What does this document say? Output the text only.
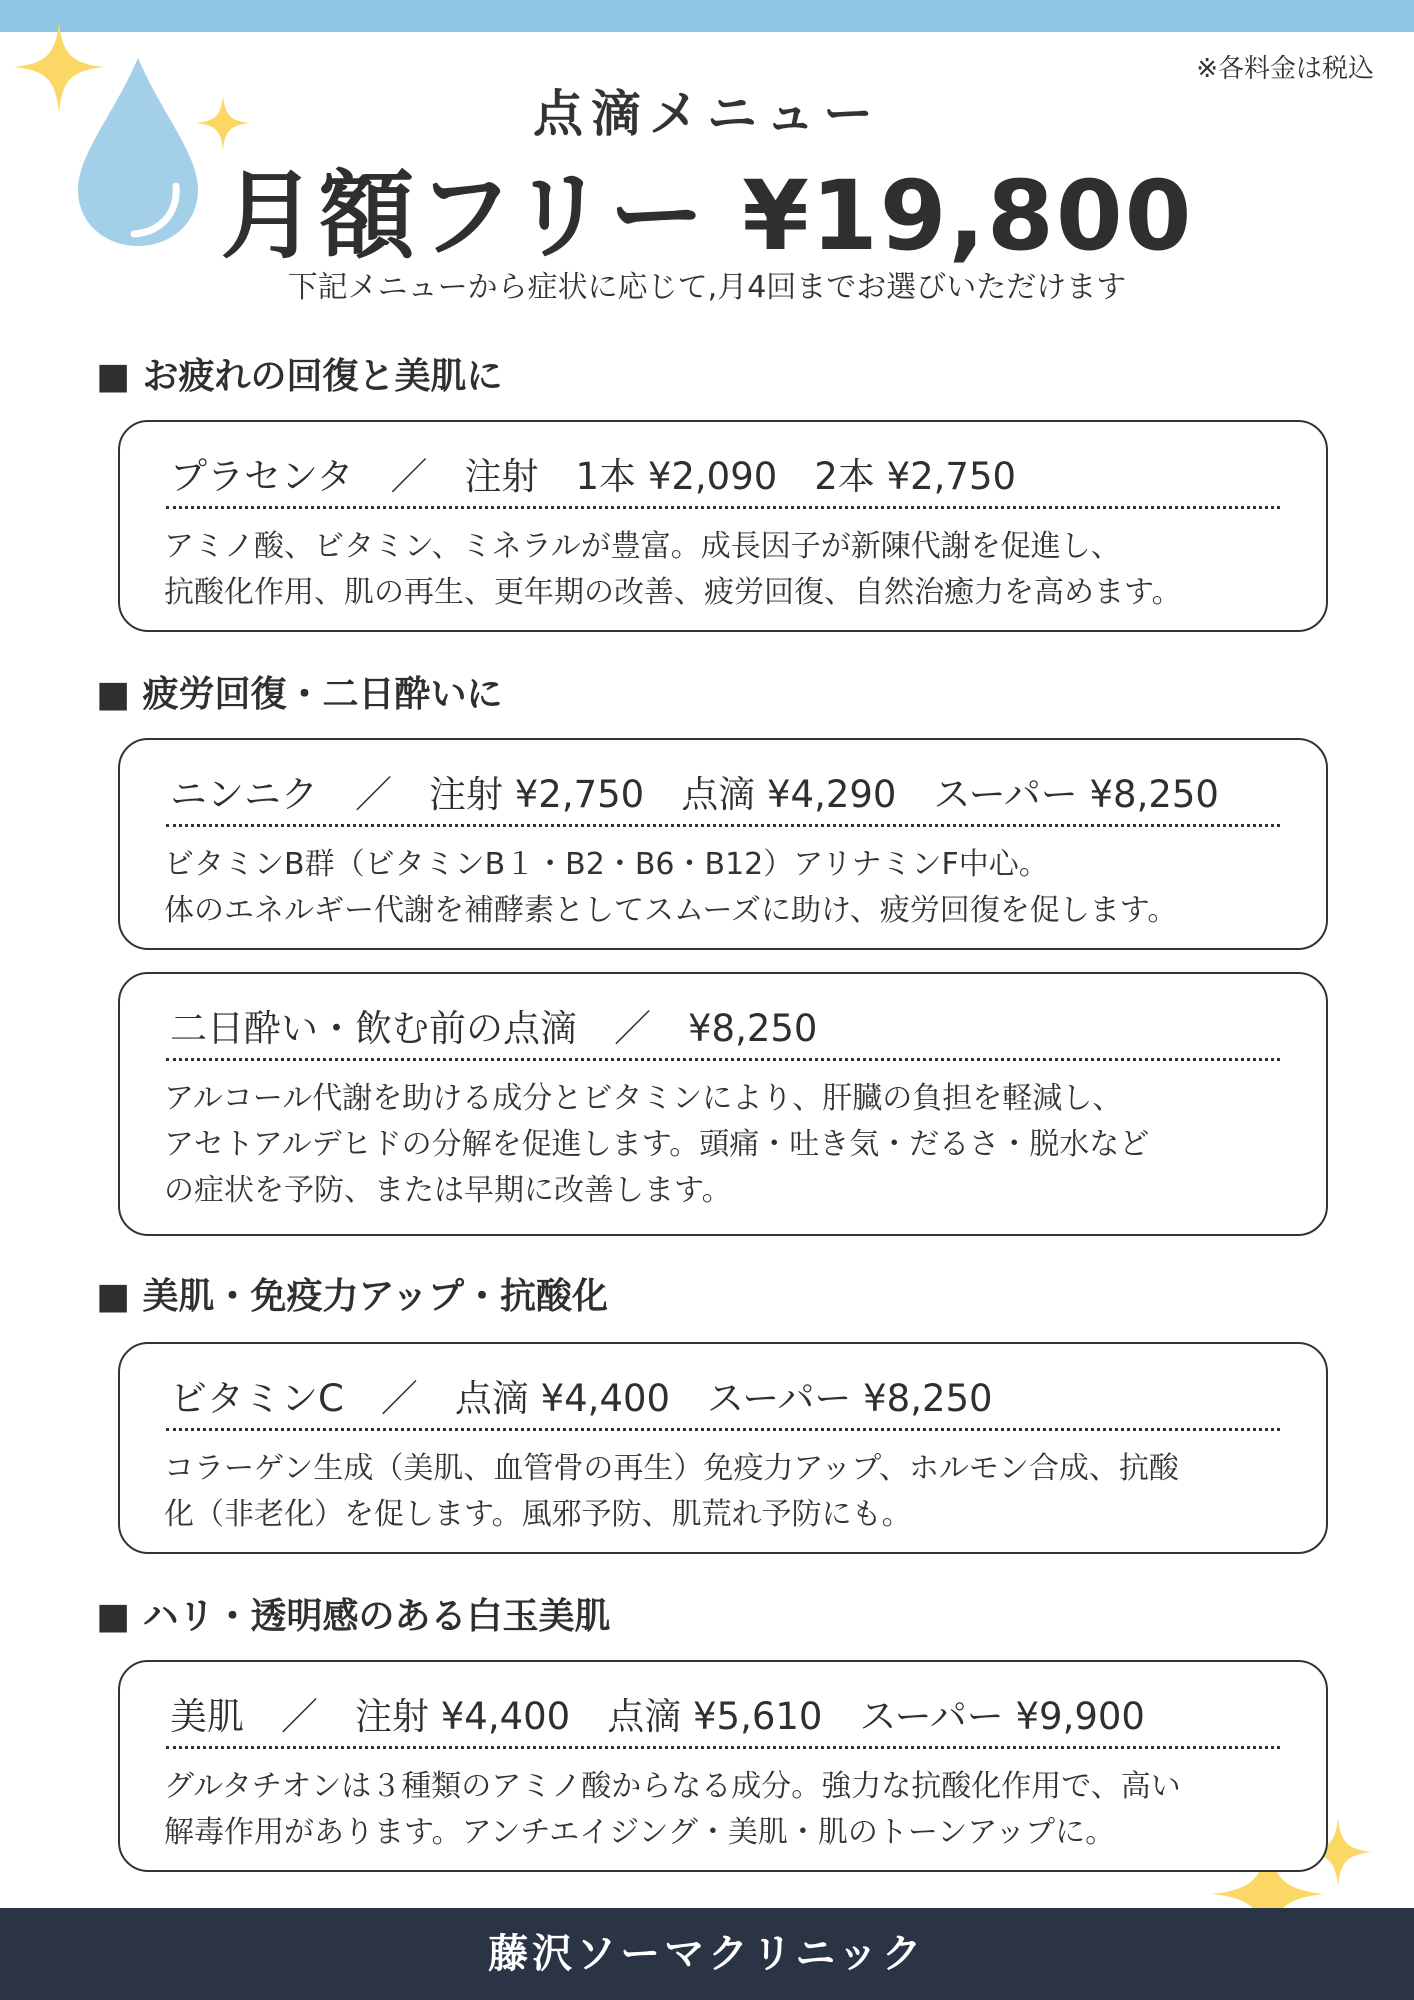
※各料金は税込
点滴メニュー
月額フリー ¥19,800
下記メニューから症状に応じて,月4回までお選びいただけます
■ お疲れの回復と美肌に
プラセンタ　／　注射　1本 ¥2,090　2本 ¥2,750
アミノ酸、ビタミン、ミネラルが豊富。成長因子が新陳代謝を促進し、
抗酸化作用、肌の再生、更年期の改善、疲労回復、自然治癒力を高めます。
■ 疲労回復・二日酔いに
ニンニク　／　注射 ¥2,750　点滴 ¥4,290　スーパー ¥8,250
ビタミンB群（ビタミンB１・B2・B6・B12）アリナミンF中心。
体のエネルギー代謝を補酵素としてスムーズに助け、疲労回復を促します。
二日酔い・飲む前の点滴　／　¥8,250
アルコール代謝を助ける成分とビタミンにより、肝臓の負担を軽減し、
アセトアルデヒドの分解を促進します。頭痛・吐き気・だるさ・脱水など
の症状を予防、または早期に改善します。
■ 美肌・免疫力アップ・抗酸化
ビタミンC　／　点滴 ¥4,400　スーパー ¥8,250
コラーゲン生成（美肌、血管骨の再生）免疫力アップ、ホルモン合成、抗酸
化（非老化）を促します。風邪予防、肌荒れ予防にも。
■ ハリ・透明感のある白玉美肌
美肌　／　注射 ¥4,400　点滴 ¥5,610　スーパー ¥9,900
グルタチオンは３種類のアミノ酸からなる成分。強力な抗酸化作用で、高い
解毒作用があります。アンチエイジング・美肌・肌のトーンアップに。
藤沢ソーマクリニック
